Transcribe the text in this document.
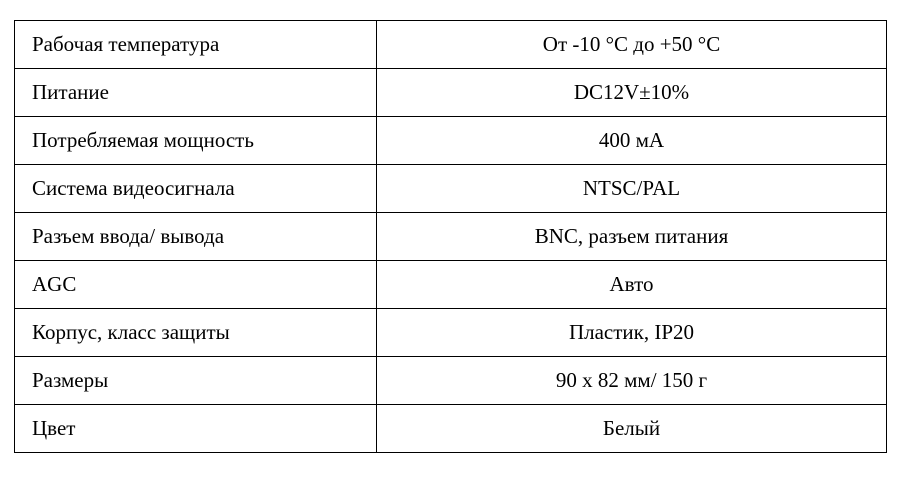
Рабочая температура	От -10 °С до +50 °С
Питание	DC12V±10%
Потребляемая мощность	400 мА
Система видеосигнала	NTSC/PAL
Разъем ввода/ вывода	BNC, разъем питания
AGC	Авто
Корпус, класс защиты	Пластик, IP20
Размеры	90 х 82 мм/ 150 г
Цвет	Белый
